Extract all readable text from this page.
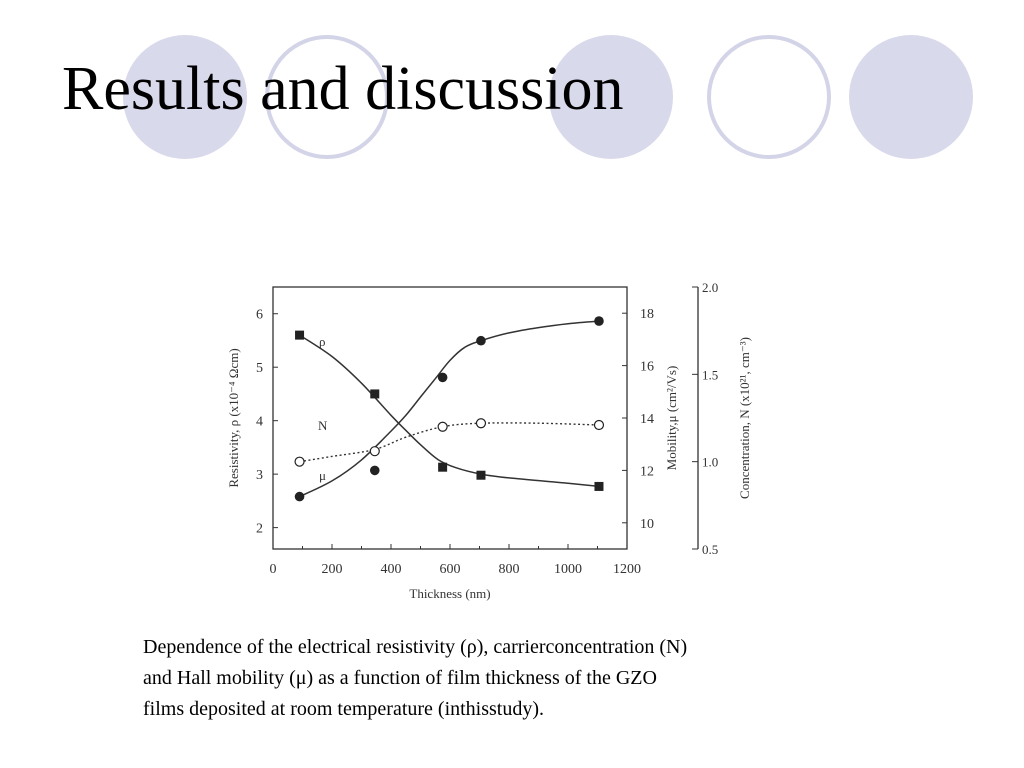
Results and discussion
0	200	400	600	800 1000 1200
2
3
4
5
6
10
12
14
16
18
0.5
1.0
1.5
2.0
Thickness (nm)
Resistivity, ρ (x10⁻⁴ Ωcm)	Mobility,μ (cm²/Vs)	Concentration, N (x10²¹, cm⁻³)
ρ
N
μ

Dependence of the electrical resistivity (ρ), carrierconcentration (N)
and Hall mobility (μ) as a function of film thickness of the GZO
films deposited at room temperature (inthisstudy).
